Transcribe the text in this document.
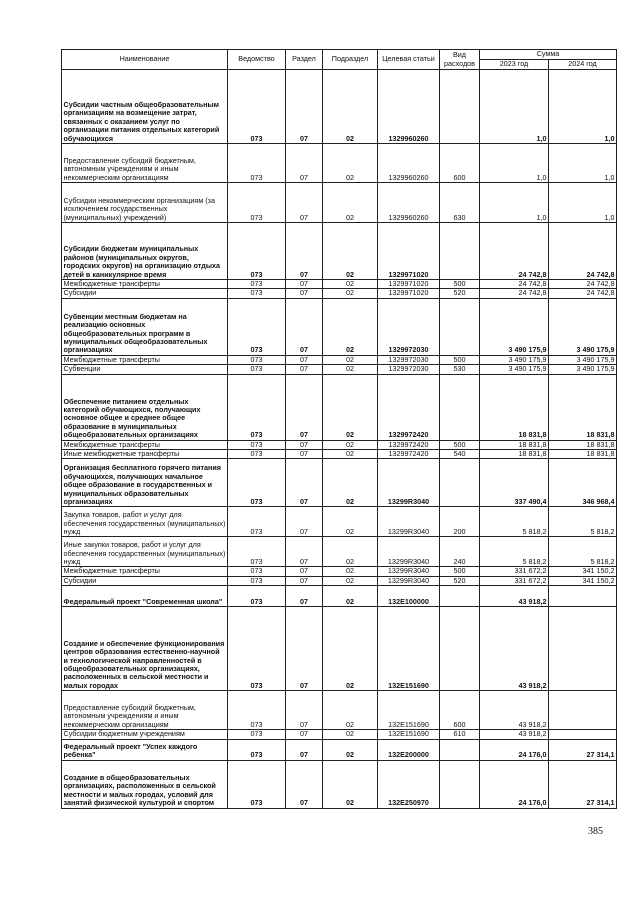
Наименование	Ведомство	Раздел	Подраздел	Целевая статьи	Вид расходов	Сумма	
						2023 год	2024 год
Субсидии частным общеобразовательным организациям на возмещение затрат, связанных с оказанием услуг по организации питания отдельных категорий обучающихся	073	07	02	1329960260		1,0	1,0
Предоставление субсидий бюджетным, автономным учреждениям и иным некоммерческим организациям	073	07	02	1329960260	600	1,0	1,0
Субсидии некоммерческим организациям (за исключением государственных (муниципальных) учреждений)	073	07	02	1329960260	630	1,0	1,0
Субсидии бюджетам муниципальных районов (муниципальных округов, городских округов) на организацию отдыха детей в каникулярное время	073	07	02	1329971020		24 742,8	24 742,8
Межбюджетные трансферты	073	07	02	1329971020	500	24 742,8	24 742,8
Субсидии	073	07	02	1329971020	520	24 742,8	24 742,8
Субвенции местным бюджетам на реализацию основных общеобразовательных программ в муниципальных общеобразовательных организациях	073	07	02	1329972030		3 490 175,9	3 490 175,9
Межбюджетные трансферты	073	07	02	1329972030	500	3 490 175,9	3 490 175,9
Субвенции	073	07	02	1329972030	530	3 490 175,9	3 490 175,9
Обеспечение питанием отдельных категорий обучающихся, получающих основное общее и среднее общее образование в муниципальных общеобразовательных организациях	073	07	02	1329972420		18 831,8	18 831,8
Межбюджетные трансферты	073	07	02	1329972420	500	18 831,8	18 831,8
Иные межбюджетные трансферты	073	07	02	1329972420	540	18 831,8	18 831,8
Организация бесплатного горячего питания обучающихся, получающих начальное общее образование в государственных и муниципальных образовательных организациях	073	07	02	13299R3040		337 490,4	346 968,4
Закупка товаров, работ и услуг для обеспечения государственных (муниципальных) нужд	073	07	02	13299R3040	200	5 818,2	5 818,2
Иные закупки товаров, работ и услуг для обеспечения государственных (муниципальных) нужд	073	07	02	13299R3040	240	5 818,2	5 818,2
Межбюджетные трансферты	073	07	02	13299R3040	500	331 672,2	341 150,2
Субсидии	073	07	02	13299R3040	520	331 672,2	341 150,2
Федеральный проект "Современная школа"	073	07	02	132E100000		43 918,2	
Создание и обеспечение функционирования центров образования естественно-научной и технологической направленностей в общеобразовательных организациях, расположенных в сельской местности и малых городах	073	07	02	132E151690		43 918,2	
Предоставление субсидий бюджетным, автономным учреждениям и иным некоммерческим организациям	073	07	02	132E151690	600	43 918,2	
Субсидии бюджетным учреждениям	073	07	02	132E151690	610	43 918,2	
Федеральный проект "Успех каждого ребенка"	073	07	02	132E200000		24 176,0	27 314,1
Создание в общеобразовательных организациях, расположенных в сельской местности и малых городах, условий для занятий физической культурой и спортом	073	07	02	132E250970		24 176,0	27 314,1
385
